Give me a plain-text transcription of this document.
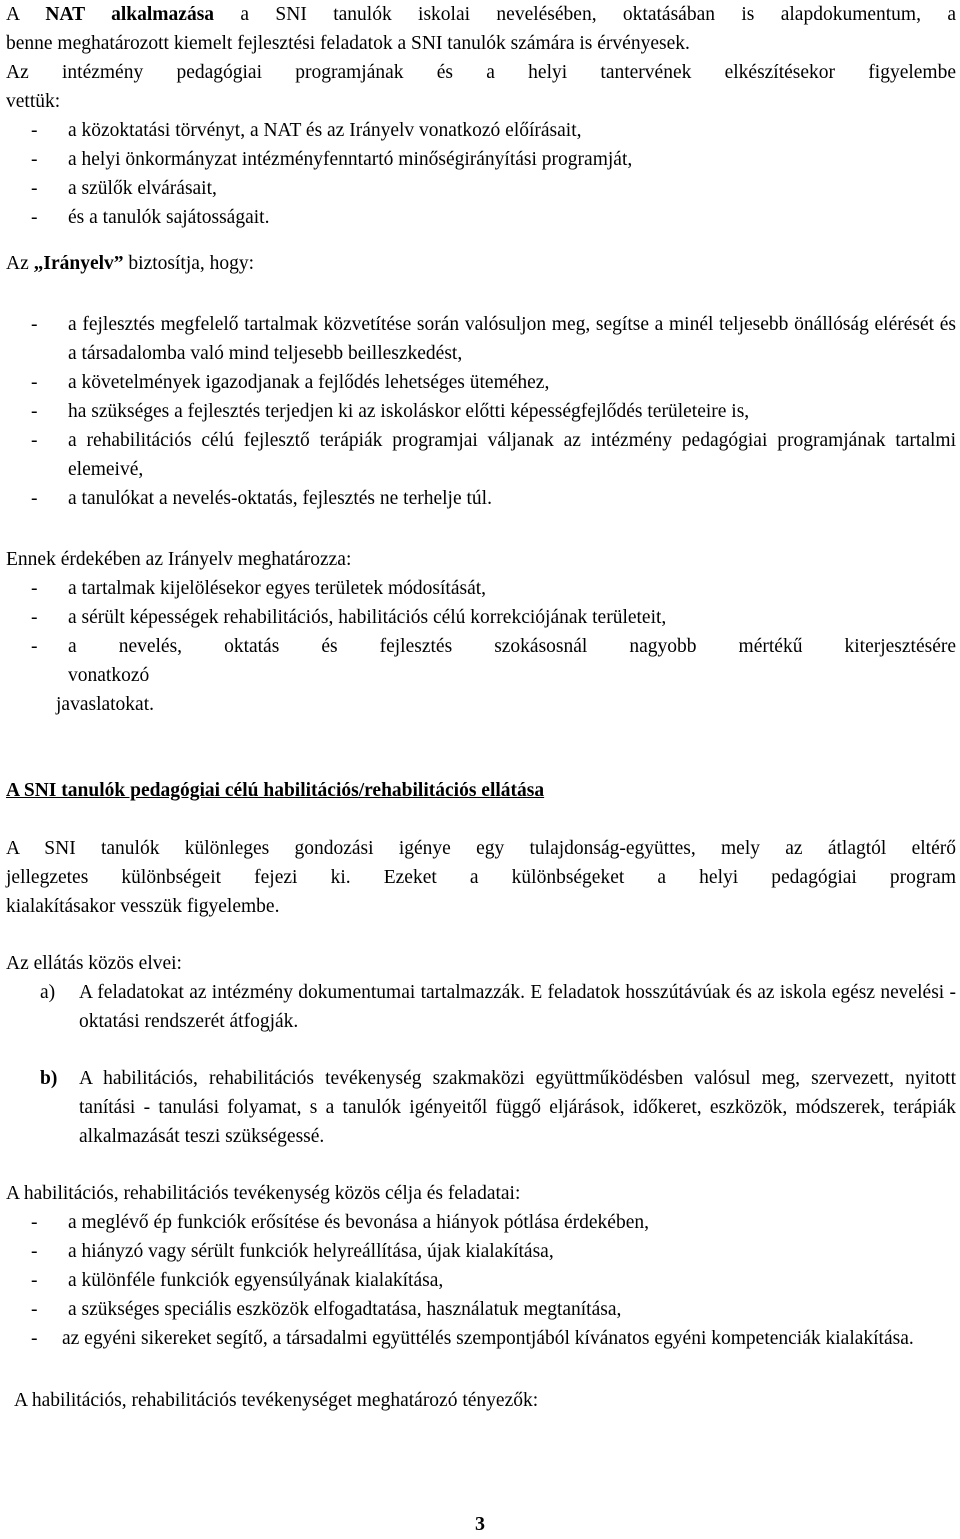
A NAT alkalmazása a SNI tanulók iskolai nevelésében, oktatásában is alapdokumentum, a

benne meghatározott kiemelt fejlesztési feladatok a SNI tanulók számára is érvényesek.

Az intézmény pedagógiai programjának és a helyi tantervének elkészítésekor figyelembe

vettük:

- a közoktatási törvényt, a NAT és az Irányelv vonatkozó előírásait,
- a helyi önkormányzat intézményfenntartó minőségirányítási programját,
- a szülők elvárásait,
- és a tanulók sajátosságait.

Az „Irányelv” biztosítja, hogy:

- a fejlesztés megfelelő tartalmak közvetítése során valósuljon meg, segítse a minél teljesebb önállóság elérését és a társadalomba való mind teljesebb beilleszkedést,
- a követelmények igazodjanak a fejlődés lehetséges üteméhez,
- ha szükséges a fejlesztés terjedjen ki az iskoláskor előtti képességfejlődés területeire is,
- a rehabilitációs célú fejlesztő terápiák programjai váljanak az intézmény pedagógiai programjának tartalmi elemeivé,
- a tanulókat a nevelés-oktatás, fejlesztés ne terhelje túl.

Ennek érdekében az Irányelv meghatározza:

- a tartalmak kijelölésekor egyes területek módosítását,
- a sérült képességek rehabilitációs, habilitációs célú korrekciójának területeit,
- a nevelés, oktatás és fejlesztés szokásosnál nagyobb mértékű kiterjesztésére

vonatkozó

javaslatokat.

A SNI tanulók pedagógiai célú habilitációs/rehabilitációs ellátása

A SNI tanulók különleges gondozási igénye egy tulajdonság-együttes, mely az átlagtól eltérő

jellegzetes különbségeit fejezi ki. Ezeket a különbségeket a helyi pedagógiai program

kialakításakor vesszük figyelembe.

Az ellátás közös elvei:

a) A feladatokat az intézmény dokumentumai tartalmazzák. E feladatok hosszútávúak és az iskola egész nevelési - oktatási rendszerét átfogják.
b) A habilitációs, rehabilitációs tevékenység szakmaközi együttműködésben valósul meg, szervezett, nyitott tanítási - tanulási folyamat, s a tanulók igényeitől függő eljárások, időkeret, eszközök, módszerek, terápiák alkalmazását teszi szükségessé.

A habilitációs, rehabilitációs tevékenység közös célja és feladatai:

- a meglévő ép funkciók erősítése és bevonása a hiányok pótlása érdekében,
- a hiányzó vagy sérült funkciók helyreállítása, újak kialakítása,
- a különféle funkciók egyensúlyának kialakítása,
- a szükséges speciális eszközök elfogadtatása, használatuk megtanítása,
- az egyéni sikereket segítő, a társadalmi együttélés szempontjából kívánatos egyéni kompetenciák kialakítása.

A habilitációs, rehabilitációs tevékenységet meghatározó tényezők:

3
